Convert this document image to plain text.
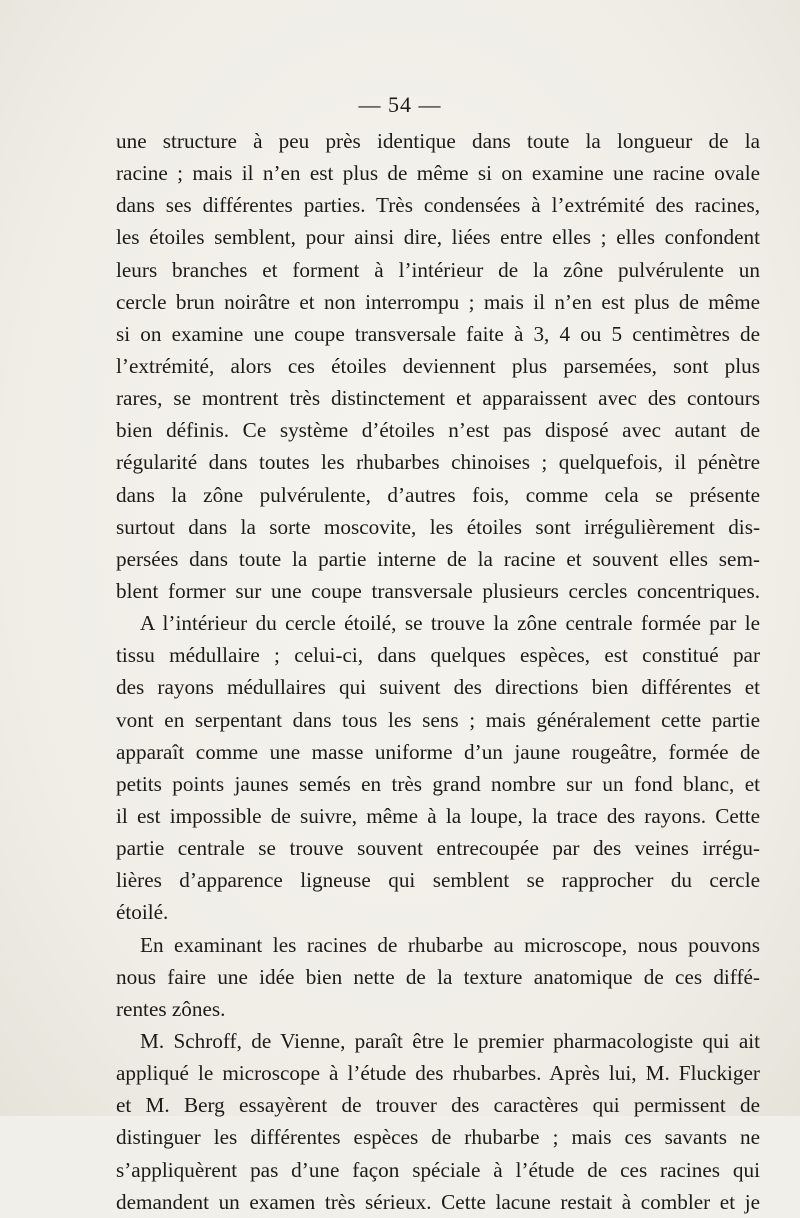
— 54 —
une structure à peu près identique dans toute la longueur de la
racine ; mais il n’en est plus de même si on examine une racine ovale
dans ses différentes parties. Très condensées à l’extrémité des racines,
les étoiles semblent, pour ainsi dire, liées entre elles ; elles confondent
leurs branches et forment à l’intérieur de la zône pulvérulente un
cercle brun noirâtre et non interrompu ; mais il n’en est plus de même
si on examine une coupe transversale faite à 3, 4 ou 5 centimètres de
l’extrémité, alors ces étoiles deviennent plus parsemées, sont plus
rares, se montrent très distinctement et apparaissent avec des contours
bien définis. Ce système d’étoiles n’est pas disposé avec autant de
régularité dans toutes les rhubarbes chinoises ; quelquefois, il pénètre
dans la zône pulvérulente, d’autres fois, comme cela se présente
surtout dans la sorte moscovite, les étoiles sont irrégulièrement dis-
persées dans toute la partie interne de la racine et souvent elles sem-
blent former sur une coupe transversale plusieurs cercles concentriques.
A l’intérieur du cercle étoilé, se trouve la zône centrale formée par le
tissu médullaire ; celui-ci, dans quelques espèces, est constitué par
des rayons médullaires qui suivent des directions bien différentes et
vont en serpentant dans tous les sens ; mais généralement cette partie
apparaît comme une masse uniforme d’un jaune rougeâtre, formée de
petits points jaunes semés en très grand nombre sur un fond blanc, et
il est impossible de suivre, même à la loupe, la trace des rayons. Cette
partie centrale se trouve souvent entrecoupée par des veines irrégu-
lières d’apparence ligneuse qui semblent se rapprocher du cercle
étoilé.
En examinant les racines de rhubarbe au microscope, nous pouvons
nous faire une idée bien nette de la texture anatomique de ces diffé-
rentes zônes.
M. Schroff, de Vienne, paraît être le premier pharmacologiste qui ait
appliqué le microscope à l’étude des rhubarbes. Après lui, M. Fluckiger
et M. Berg essayèrent de trouver des caractères qui permissent de
distinguer les différentes espèces de rhubarbe ; mais ces savants ne
s’appliquèrent pas d’une façon spéciale à l’étude de ces racines qui
demandent un examen très sérieux. Cette lacune restait à combler et je
